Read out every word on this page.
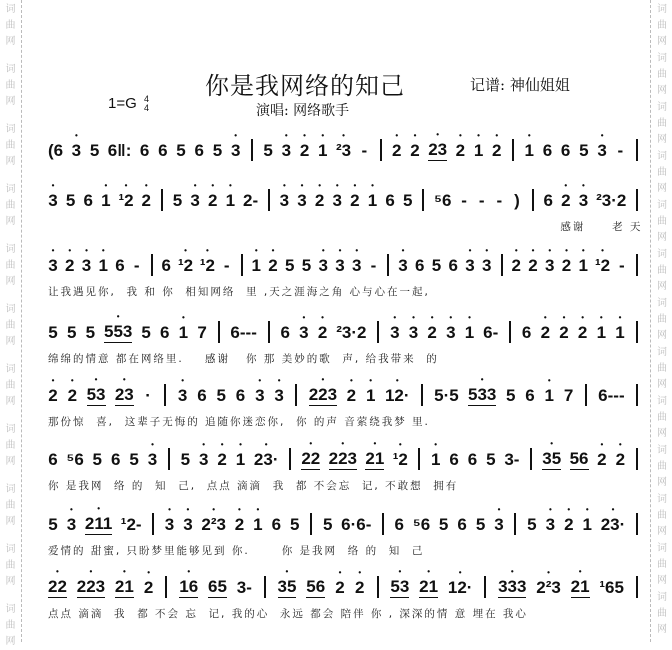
词
曲
网
词
曲
网
词
曲
网
词
曲
网
词
曲
网
词
曲
网
词
曲
网
词
曲
网
词
曲
网
词
曲
网
词
曲
网
词
曲
网
词
曲
网
词
曲
网
词
曲
网
词
曲
网
词
曲
网
词
曲
网
词
曲
网
词
曲
网
词
曲
网
词
曲
网
词
曲
网
词
曲
网
你是我网络的知己	记谱: 神仙姐姐
演唱: 网络歌手
1=G 4
4
(6 • 3 5 6‖: 6 6 5 6 5 • 3 5 • 3 • 2 • 1 • ²3 - • 2 • 2 • 23 • 2 • 1 • 2 • 1 6 6 5 • 3 -
• 3 5 6 • 1 • ¹2 • 2 5 • 3 • 2 • 1 2- • 3 • 3 • 2 • 3 • 2 • 1 6 5 ⁵6 - - - ) 6 • 2 • 3 ²3·2
感谢     老 天
• 3 • 2 • 3 • 1 6 - 6 • ¹2 • ¹2 - • 1 • 2 5 5 • 3 • 3 • 3 - • 3 6 5 6 • 3 • 3 • 2 • 2 • 3 • 2 • 1 • ¹2 -
让我遇见你,  我 和 你  相知网络  里 ,天之涯海之角 心与心在一起,
5 5 5 • 553 5 6 • 1 7 6--- 6 • 3 • 2 ²3·2 • 3 • 3 • 2 • 3 • 1 6- 6 • 2 • 2 • 2 • 1 • 1
绵绵的情意 都在网络里.    感谢   你 那 美妙的歌  声, 给我带来  的
• 2 • 2 • 53 • 23 · • 3 6 5 6 • 3 • 3 • 223 • 2 • 1 • 12· 5·5 • 533 5 6 • 1 7 6---
那份惊  喜,  这辈子无悔的 追随你迷恋你,  你 的声 音萦绕我梦 里.
6 ⁵6 5 6 5 • 3 5 • 3 • 2 • 1 • 23· • 22 • 223 • 21 • ¹2 • 1 6 6 5 3- • 35 56 • 2 • 2
你 是我网  络 的  知  己,  点点 滴滴  我  都 不会忘  记, 不敢想  拥有
5 • 3 • 211 ¹2- • 3 • 3 • 2²3 • 2 • 1 6 5 5 6·6- 6 ⁵6 5 6 5 • 3 5 • 3 • 2 • 1 • 23·
爱情的 甜蜜, 只盼梦里能够见到 你.      你 是我网  络 的  知  己
• 22 • 223 • 21 • 2 • 16 65 3- • 35 56 • 2 • 2 • 53 • 21 • 12· • 333 • 2²3 • 21 ¹65
点点 滴滴  我  都 不会 忘  记, 我的心  永远 都会 陪伴 你 , 深深的情 意 埋在 我心
